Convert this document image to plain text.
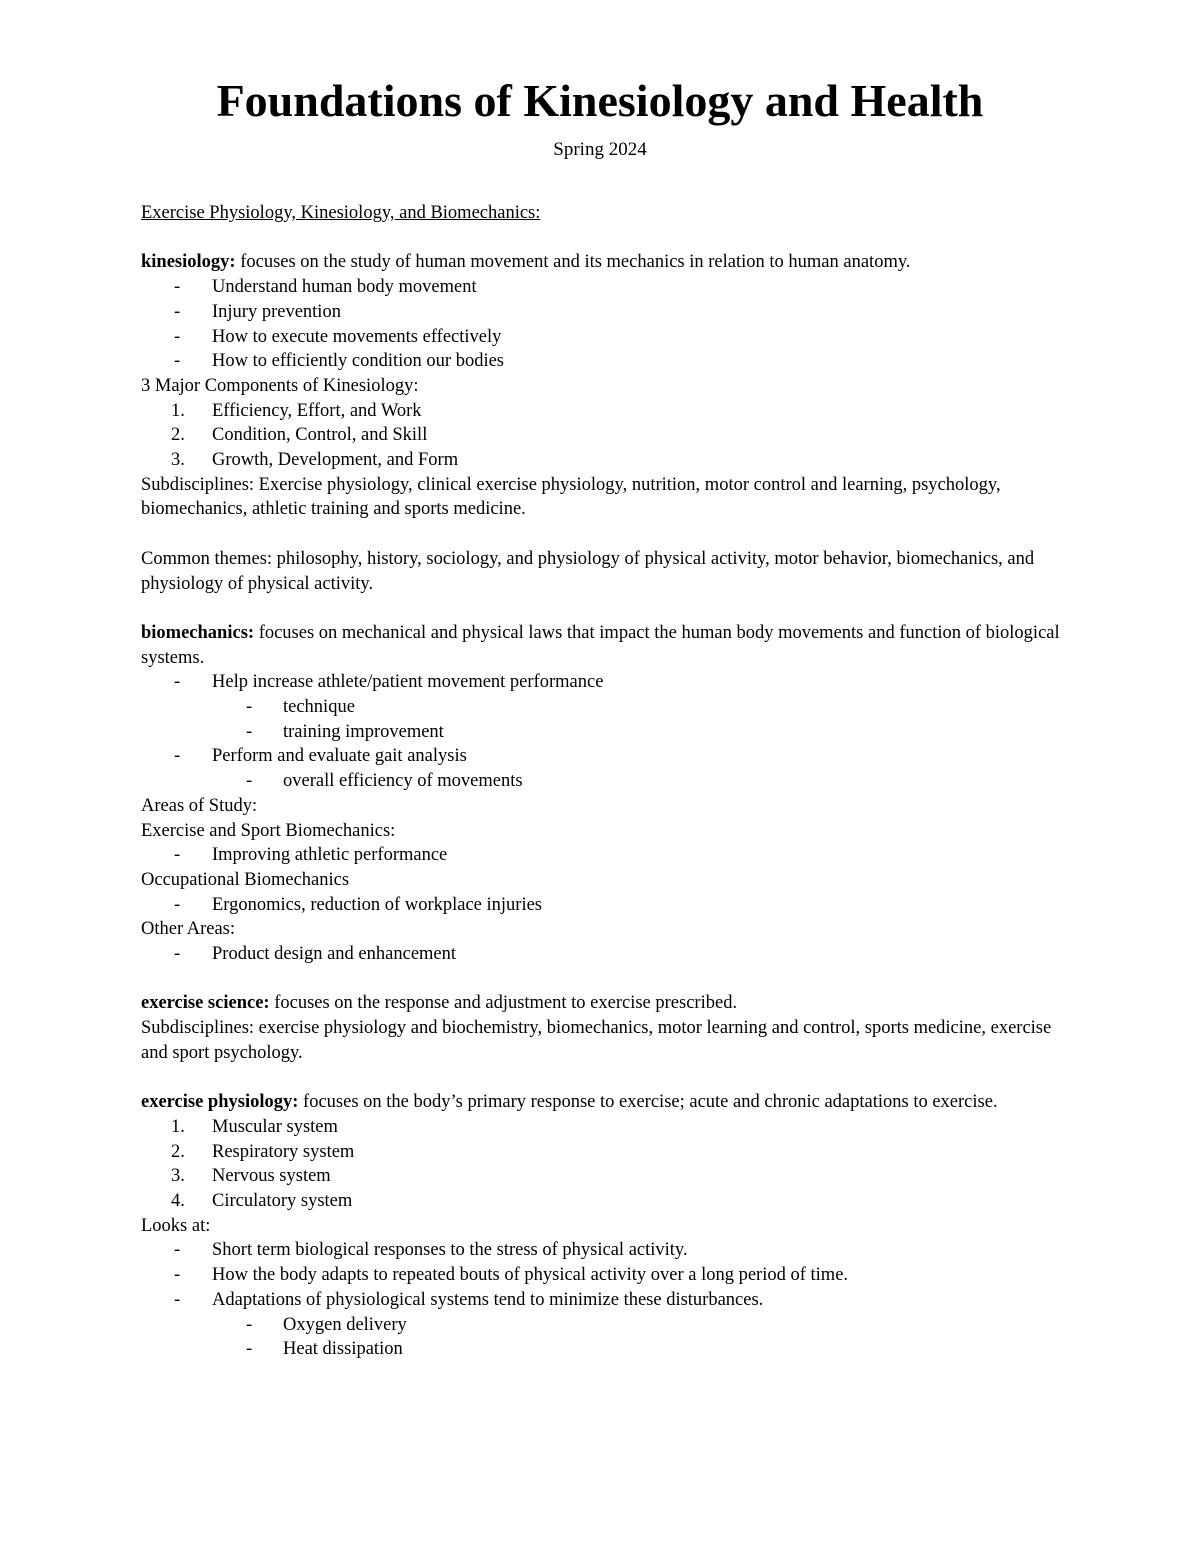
Foundations of Kinesiology and Health
Spring 2024
Exercise Physiology, Kinesiology, and Biomechanics:
kinesiology: focuses on the study of human movement and its mechanics in relation to human anatomy.
- Understand human body movement
- Injury prevention
- How to execute movements effectively
- How to efficiently condition our bodies
3 Major Components of Kinesiology:
1. Efficiency, Effort, and Work
2. Condition, Control, and Skill
3. Growth, Development, and Form
Subdisciplines: Exercise physiology, clinical exercise physiology, nutrition, motor control and learning, psychology, biomechanics, athletic training and sports medicine.
Common themes: philosophy, history, sociology, and physiology of physical activity, motor behavior, biomechanics, and physiology of physical activity.
biomechanics: focuses on mechanical and physical laws that impact the human body movements and function of biological systems.
- Help increase athlete/patient movement performance
- technique
- training improvement
- Perform and evaluate gait analysis
- overall efficiency of movements
Areas of Study:
Exercise and Sport Biomechanics:
- Improving athletic performance
Occupational Biomechanics
- Ergonomics, reduction of workplace injuries
Other Areas:
- Product design and enhancement
exercise science: focuses on the response and adjustment to exercise prescribed.
Subdisciplines: exercise physiology and biochemistry, biomechanics, motor learning and control, sports medicine, exercise and sport psychology.
exercise physiology: focuses on the body’s primary response to exercise; acute and chronic adaptations to exercise.
1. Muscular system
2. Respiratory system
3. Nervous system
4. Circulatory system
Looks at:
- Short term biological responses to the stress of physical activity.
- How the body adapts to repeated bouts of physical activity over a long period of time.
- Adaptations of physiological systems tend to minimize these disturbances.
- Oxygen delivery
- Heat dissipation
